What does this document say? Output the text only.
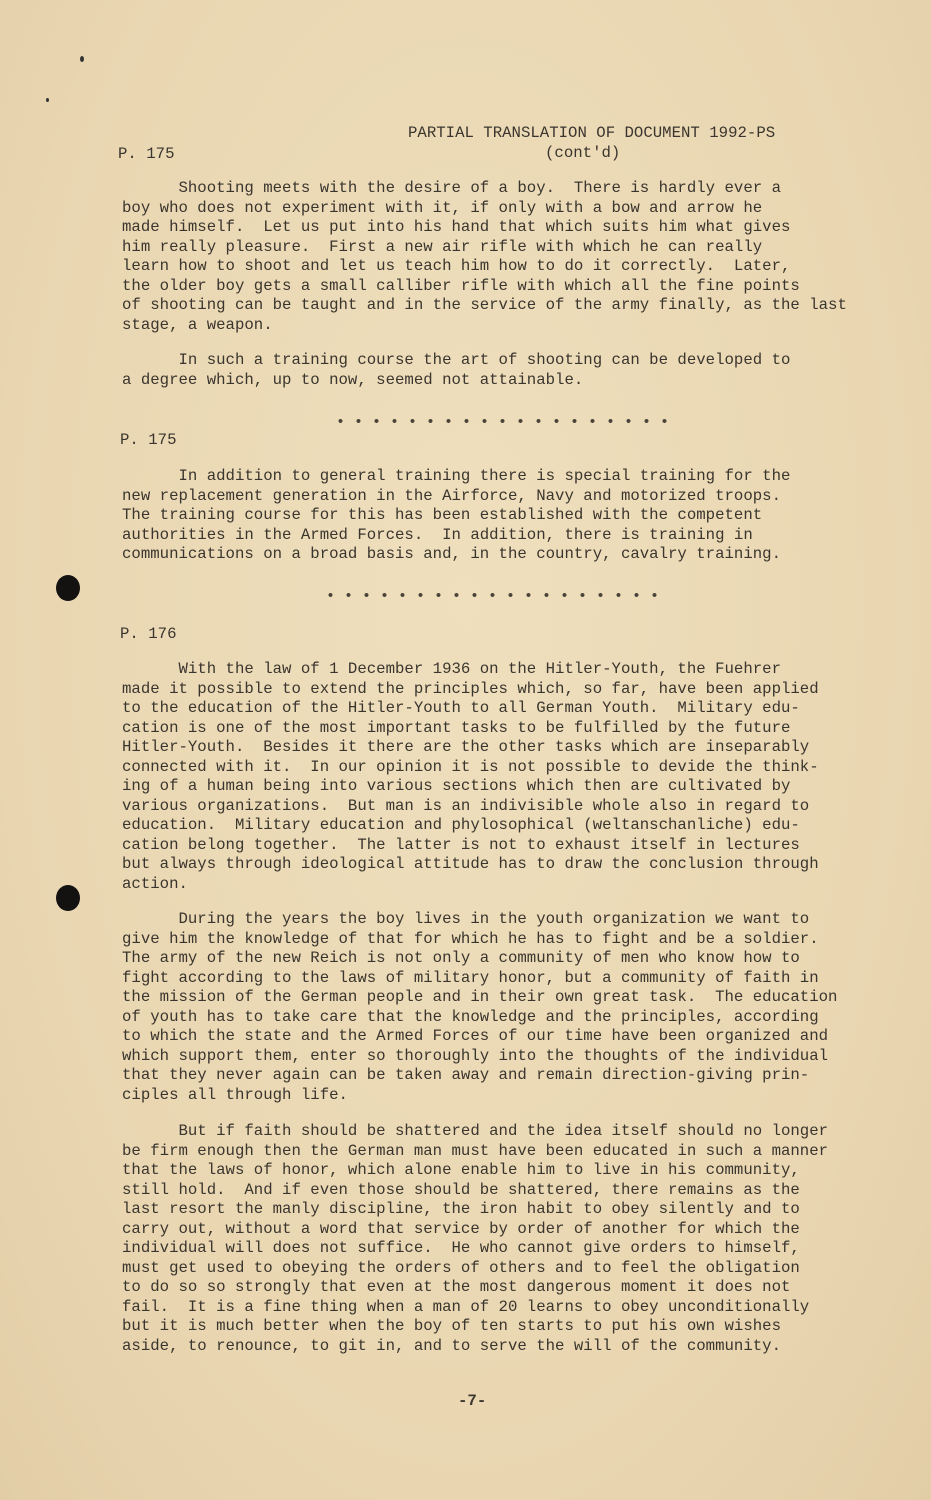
PARTIAL TRANSLATION OF DOCUMENT 1992-PS
P. 175	(cont'd)
Shooting meets with the desire of a boy.  There is hardly ever a
boy who does not experiment with it, if only with a bow and arrow he
made himself.  Let us put into his hand that which suits him what gives
him really pleasure.  First a new air rifle with which he can really
learn how to shoot and let us teach him how to do it correctly.  Later,
the older boy gets a small calliber rifle with which all the fine points
of shooting can be taught and in the service of the army finally, as the last
stage, a weapon.
In such a training course the art of shooting can be developed to
a degree which, up to now, seemed not attainable.
• • • • • • • • • • • • • • • • • • •
P. 175
In addition to general training there is special training for the
new replacement generation in the Airforce, Navy and motorized troops.
The training course for this has been established with the competent
authorities in the Armed Forces.  In addition, there is training in
communications on a broad basis and, in the country, cavalry training.
• • • • • • • • • • • • • • • • • • •
P. 176
With the law of 1 December 1936 on the Hitler-Youth, the Fuehrer
made it possible to extend the principles which, so far, have been applied
to the education of the Hitler-Youth to all German Youth.  Military edu-
cation is one of the most important tasks to be fulfilled by the future
Hitler-Youth.  Besides it there are the other tasks which are inseparably
connected with it.  In our opinion it is not possible to devide the think-
ing of a human being into various sections which then are cultivated by
various organizations.  But man is an indivisible whole also in regard to
education.  Military education and phylosophical (weltanschanliche) edu-
cation belong together.  The latter is not to exhaust itself in lectures
but always through ideological attitude has to draw the conclusion through
action.
During the years the boy lives in the youth organization we want to
give him the knowledge of that for which he has to fight and be a soldier.
The army of the new Reich is not only a community of men who know how to
fight according to the laws of military honor, but a community of faith in
the mission of the German people and in their own great task.  The education
of youth has to take care that the knowledge and the principles, according
to which the state and the Armed Forces of our time have been organized and
which support them, enter so thoroughly into the thoughts of the individual
that they never again can be taken away and remain direction-giving prin-
ciples all through life.
But if faith should be shattered and the idea itself should no longer
be firm enough then the German man must have been educated in such a manner
that the laws of honor, which alone enable him to live in his community,
still hold.  And if even those should be shattered, there remains as the
last resort the manly discipline, the iron habit to obey silently and to
carry out, without a word that service by order of another for which the
individual will does not suffice.  He who cannot give orders to himself,
must get used to obeying the orders of others and to feel the obligation
to do so so strongly that even at the most dangerous moment it does not
fail.  It is a fine thing when a man of 20 learns to obey unconditionally
but it is much better when the boy of ten starts to put his own wishes
aside, to renounce, to git in, and to serve the will of the community.
-7-
